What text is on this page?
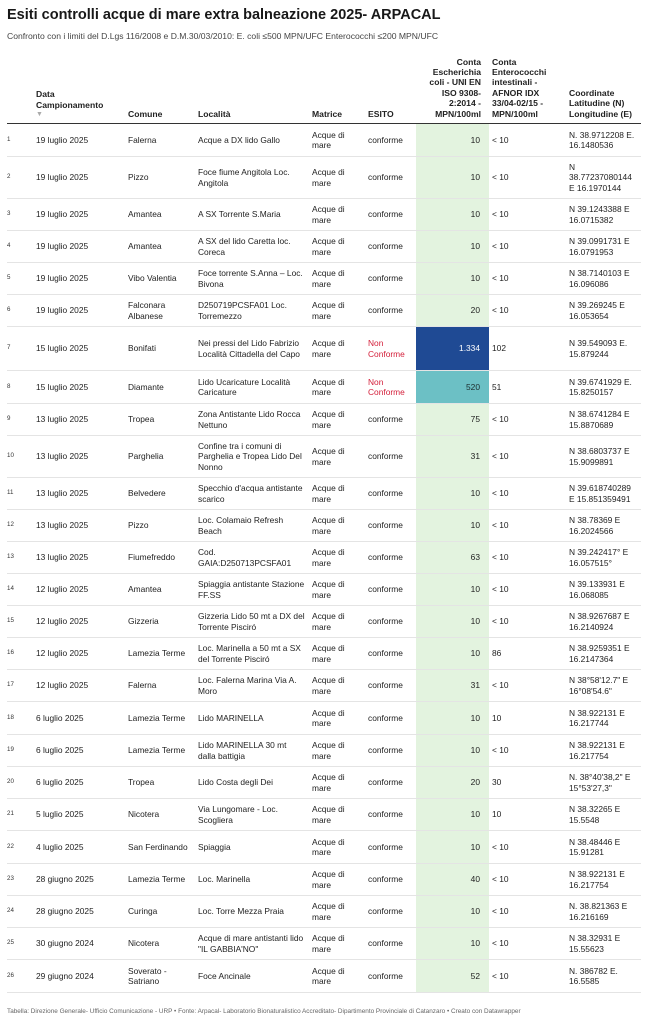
Esiti controlli acque di mare extra balneazione 2025- ARPACAL
Confronto con i limiti del D.Lgs 116/2008 e D.M.30/03/2010: E. coli ≤500 MPN/UFC Enterococchi ≤200 MPN/UFC
	Data Campionamento
▼	Comune	Località	Matrice	ESITO	Conta Escherichia coli - UNI EN ISO 9308-2:2014 - MPN/100ml	Conta Enterococchi intestinali - AFNOR IDX 33/04-02/15 - MPN/100ml	Coordinate Latitudine (N) Longitudine (E)
1	19 luglio 2025	Falerna	Acque a DX lido Gallo	Acque di mare	conforme	10	< 10	N. 38.9712208 E. 16.1480536
2	19 luglio 2025	Pizzo	Foce fiume Angitola Loc. Angitola	Acque di mare	conforme	10	< 10	N 38.77237080144 E 16.1970144
3	19 luglio 2025	Amantea	A SX Torrente S.Maria	Acque di mare	conforme	10	< 10	N 39.1243388 E 16.0715382
4	19 luglio 2025	Amantea	A SX del lido Caretta loc. Coreca	Acque di mare	conforme	10	< 10	N 39.0991731 E 16.0791953
5	19 luglio 2025	Vibo Valentia	Foce torrente S.Anna – Loc. Bivona	Acque di mare	conforme	10	< 10	N 38.7140103 E 16.096086
6	19 luglio 2025	Falconara Albanese	D250719PCSFA01 Loc. Torremezzo	Acque di mare	conforme	20	< 10	N 39.269245 E 16.053654
7	15 luglio 2025	Bonifati	Nei pressi del Lido Fabrizio Località Cittadella del Capo	Acque di mare	Non Conforme	1.334	102	N 39.549093 E. 15.879244
8	15 luglio 2025	Diamante	Lido Ucaricature Località Caricature	Acque di mare	Non Conforme	520	51	N 39.6741929 E. 15.8250157
9	13 luglio 2025	Tropea	Zona Antistante Lido Rocca Nettuno	Acque di mare	conforme	75	< 10	N 38.6741284 E 15.8870689
10	13 luglio 2025	Parghelia	Confine tra i comuni di Parghelia e Tropea Lido Del Nonno	Acque di mare	conforme	31	< 10	N 38.6803737 E 15.9099891
11	13 luglio 2025	Belvedere	Specchio d'acqua antistante scarico	Acque di mare	conforme	10	< 10	N 39.618740289 E 15.851359491
12	13 luglio 2025	Pizzo	Loc. Colamaio Refresh Beach	Acque di mare	conforme	10	< 10	N 38.78369 E 16.2024566
13	13 luglio 2025	Fiumefreddo	Cod. GAIA:D250713PCSFA01	Acque di mare	conforme	63	< 10	N 39.242417° E 16.057515°
14	12 luglio 2025	Amantea	Spiaggia antistante Stazione FF.SS	Acque di mare	conforme	10	< 10	N 39.133931 E 16.068085
15	12 luglio 2025	Gizzeria	Gizzeria Lido 50 mt a DX del Torrente Pisciró	Acque di mare	conforme	10	< 10	N 38.9267687 E 16.2140924
16	12 luglio 2025	Lamezia Terme	Loc. Marinella a 50 mt a SX del Torrente Pisciró	Acque di mare	conforme	10	86	N 38.9259351 E 16.2147364
17	12 luglio 2025	Falerna	Loc. Falerna Marina Via A. Moro	Acque di mare	conforme	31	< 10	N 38°58'12.7" E 16°08'54.6"
18	6 luglio 2025	Lamezia Terme	Lido MARINELLA	Acque di mare	conforme	10	10	N 38.922131 E 16.217744
19	6 luglio 2025	Lamezia Terme	Lido MARINELLA 30 mt dalla battigia	Acque di mare	conforme	10	< 10	N 38.922131 E 16.217754
20	6 luglio 2025	Tropea	Lido Costa degli Dei	Acque di mare	conforme	20	30	N. 38°40'38,2" E 15°53'27,3"
21	5 luglio 2025	Nicotera	Via Lungomare - Loc. Scogliera	Acque di mare	conforme	10	10	N 38.32265 E 15.5548
22	4 luglio 2025	San Ferdinando	Spiaggia	Acque di mare	conforme	10	< 10	N 38.48446 E 15.91281
23	28 giugno 2025	Lamezia Terme	Loc. Marinella	Acque di mare	conforme	40	< 10	N 38.922131 E 16.217754
24	28 giugno 2025	Curinga	Loc. Torre Mezza Praia	Acque di mare	conforme	10	< 10	N. 38.821363 E 16.216169
25	30 giugno 2024	Nicotera	Acque di mare antistanti lido "IL GABBIA'NO"	Acque di mare	conforme	10	< 10	N 38.32931 E 15.55623
26	29 giugno 2024	Soverato - Satriano	Foce Ancinale	Acque di mare	conforme	52	< 10	N. 386782 E. 16.5585
Tabella: Direzione Generale- Ufficio Comunicazione - URP • Fonte: Arpacal- Laboratorio Bionaturalistico Accreditato- Dipartimento Provinciale di Catanzaro • Creato con Datawrapper
